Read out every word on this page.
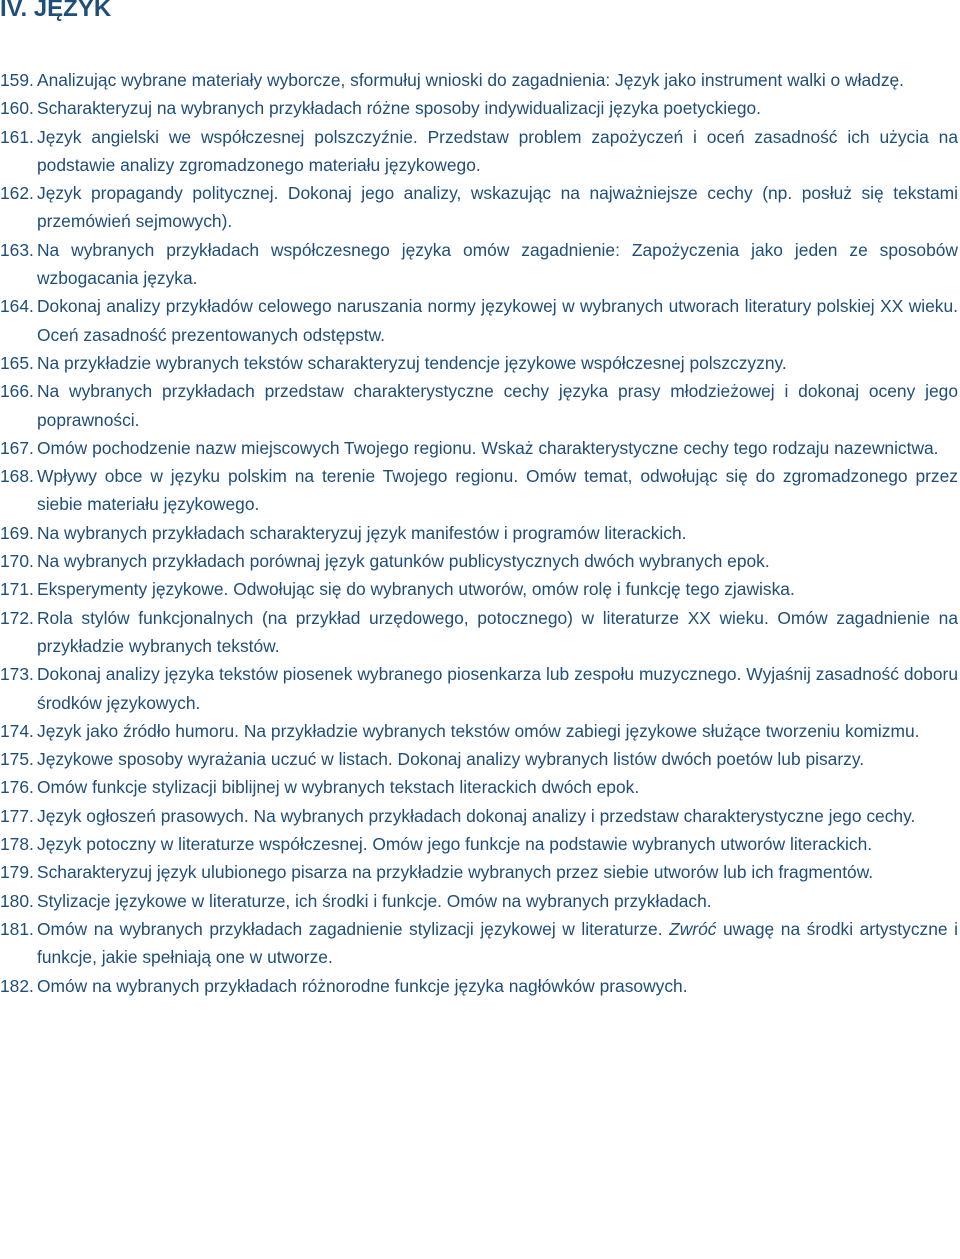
IV. JĘZYK

159. Analizując wybrane materiały wyborcze, sformułuj wnioski do zagadnienia: Język jako instrument walki o władzę.

160. Scharakteryzuj na wybranych przykładach różne sposoby indywidualizacji języka poetyckiego.

161. Język angielski we współczesnej polszczyźnie. Przedstaw problem zapożyczeń i oceń zasadność ich użycia na podstawie analizy zgromadzonego materiału językowego.

162. Język propagandy politycznej. Dokonaj jego analizy, wskazując na najważniejsze cechy (np. posłuż się tekstami przemówień sejmowych).

163. Na wybranych przykładach współczesnego języka omów zagadnienie: Zapożyczenia jako jeden ze sposobów wzbogacania języka.

164. Dokonaj analizy przykładów celowego naruszania normy językowej w wybranych utworach literatury polskiej XX wieku. Oceń zasadność prezentowanych odstępstw.

165. Na przykładzie wybranych tekstów scharakteryzuj tendencje językowe współczesnej polszczyzny.

166. Na wybranych przykładach przedstaw charakterystyczne cechy języka prasy młodzieżowej i dokonaj oceny jego poprawności.

167. Omów pochodzenie nazw miejscowych Twojego regionu. Wskaż charakterystyczne cechy tego rodzaju nazewnictwa.

168. Wpływy obce w języku polskim na terenie Twojego regionu. Omów temat, odwołując się do zgromadzonego przez siebie materiału językowego.

169. Na wybranych przykładach scharakteryzuj język manifestów i programów literackich.

170. Na wybranych przykładach porównaj język gatunków publicystycznych dwóch wybranych epok.

171. Eksperymenty językowe. Odwołując się do wybranych utworów, omów rolę i funkcję tego zjawiska.

172. Rola stylów funkcjonalnych (na przykład urzędowego, potocznego) w literaturze XX wieku. Omów zagadnienie na przykładzie wybranych tekstów.

173. Dokonaj analizy języka tekstów piosenek wybranego piosenkarza lub zespołu muzycznego. Wyjaśnij zasadność doboru środków językowych.

174. Język jako źródło humoru. Na przykładzie wybranych tekstów omów zabiegi językowe służące tworzeniu komizmu.

175. Językowe sposoby wyrażania uczuć w listach. Dokonaj analizy wybranych listów dwóch poetów lub pisarzy.

176. Omów funkcje stylizacji biblijnej w wybranych tekstach literackich dwóch epok.

177. Język ogłoszeń prasowych. Na wybranych przykładach dokonaj analizy i przedstaw charakterystyczne jego cechy.

178. Język potoczny w literaturze współczesnej. Omów jego funkcje na podstawie wybranych utworów literackich.

179. Scharakteryzuj język ulubionego pisarza na przykładzie wybranych przez siebie utworów lub ich fragmentów.

180. Stylizacje językowe w literaturze, ich środki i funkcje. Omów na wybranych przykładach.

181. Omów na wybranych przykładach zagadnienie stylizacji językowej w literaturze. Zwróć uwagę na środki artystyczne i funkcje, jakie spełniają one w utworze.

182. Omów na wybranych przykładach różnorodne funkcje języka nagłówków prasowych.
